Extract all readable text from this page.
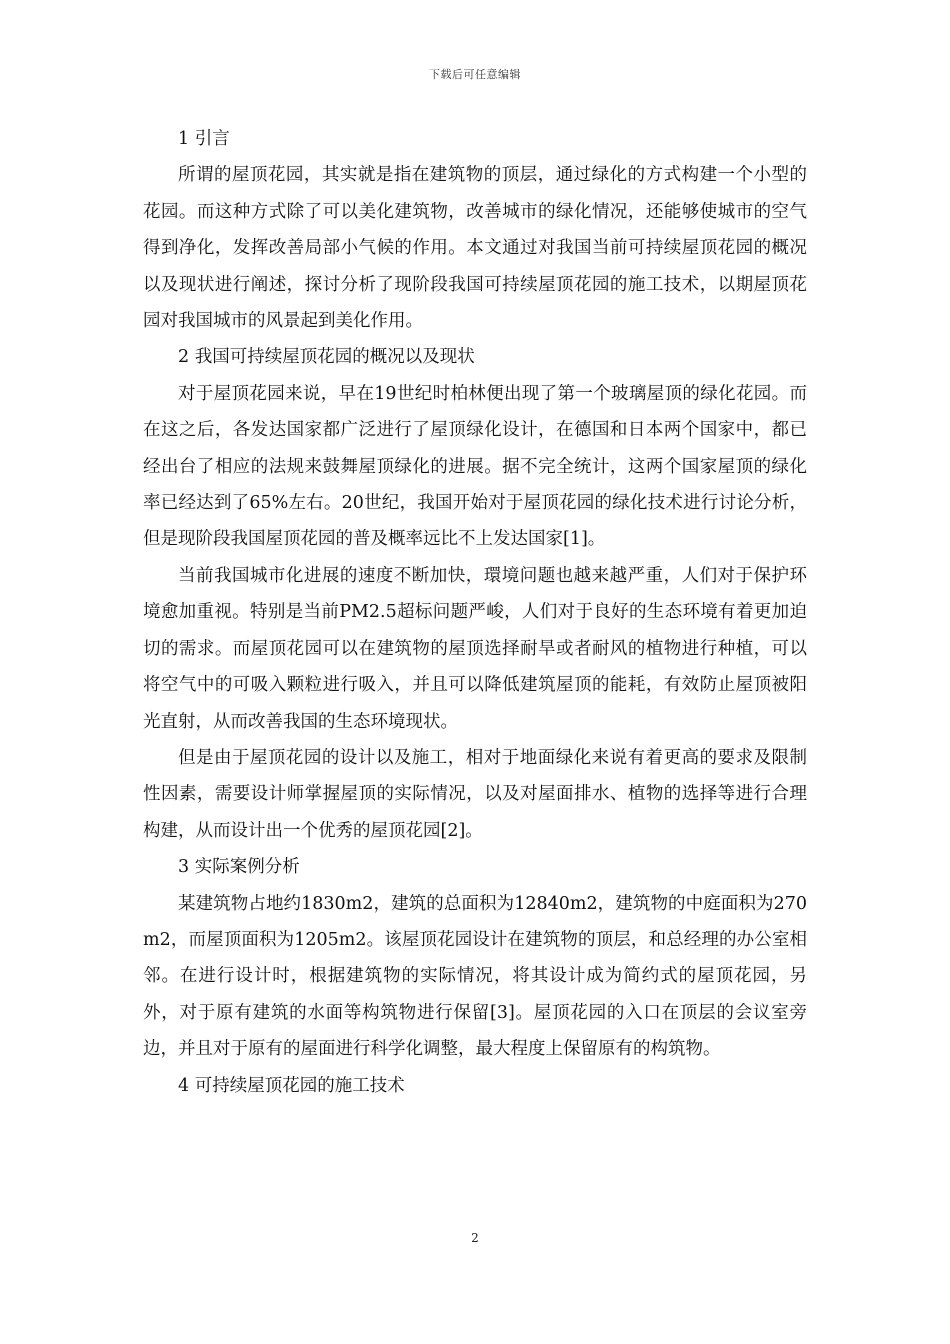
下载后可任意编辑

1 引言

所谓的屋顶花园，其实就是指在建筑物的顶层，通过绿化的方式构建一个小型的花园。而这种方式除了可以美化建筑物，改善城市的绿化情况，还能够使城市的空气得到净化，发挥改善局部小气候的作用。本文通过对我国当前可持续屋顶花园的概况以及现状进行阐述，探讨分析了现阶段我国可持续屋顶花园的施工技术，以期屋顶花园对我国城市的风景起到美化作用。

2 我国可持续屋顶花园的概况以及现状

对于屋顶花园来说，早在19世纪时柏林便出现了第一个玻璃屋顶的绿化花园。而在这之后，各发达国家都广泛进行了屋顶绿化设计，在德国和日本两个国家中，都已经出台了相应的法规来鼓舞屋顶绿化的进展。据不完全统计，这两个国家屋顶的绿化率已经达到了65%左右。20世纪，我国开始对于屋顶花园的绿化技术进行讨论分析，但是现阶段我国屋顶花园的普及概率远比不上发达国家[1]。

当前我国城市化进展的速度不断加快，環境问题也越来越严重，人们对于保护环境愈加重视。特别是当前PM2.5超标问题严峻，人们对于良好的生态环境有着更加迫切的需求。而屋顶花园可以在建筑物的屋顶选择耐旱或者耐风的植物进行种植，可以将空气中的可吸入颗粒进行吸入，并且可以降低建筑屋顶的能耗，有效防止屋顶被阳光直射，从而改善我国的生态环境现状。

但是由于屋顶花园的设计以及施工，相对于地面绿化来说有着更高的要求及限制性因素，需要设计师掌握屋顶的实际情况，以及对屋面排水、植物的选择等进行合理构建，从而设计出一个优秀的屋顶花园[2]。

3 实际案例分析

某建筑物占地约1830m2，建筑的总面积为12840m2，建筑物的中庭面积为270m2，而屋顶面积为1205m2。该屋顶花园设计在建筑物的顶层，和总经理的办公室相邻。在进行设计时，根据建筑物的实际情况，将其设计成为简约式的屋顶花园，另外，对于原有建筑的水面等构筑物进行保留[3]。屋顶花园的入口在顶层的会议室旁边，并且对于原有的屋面进行科学化调整，最大程度上保留原有的构筑物。

4 可持续屋顶花园的施工技术

2
